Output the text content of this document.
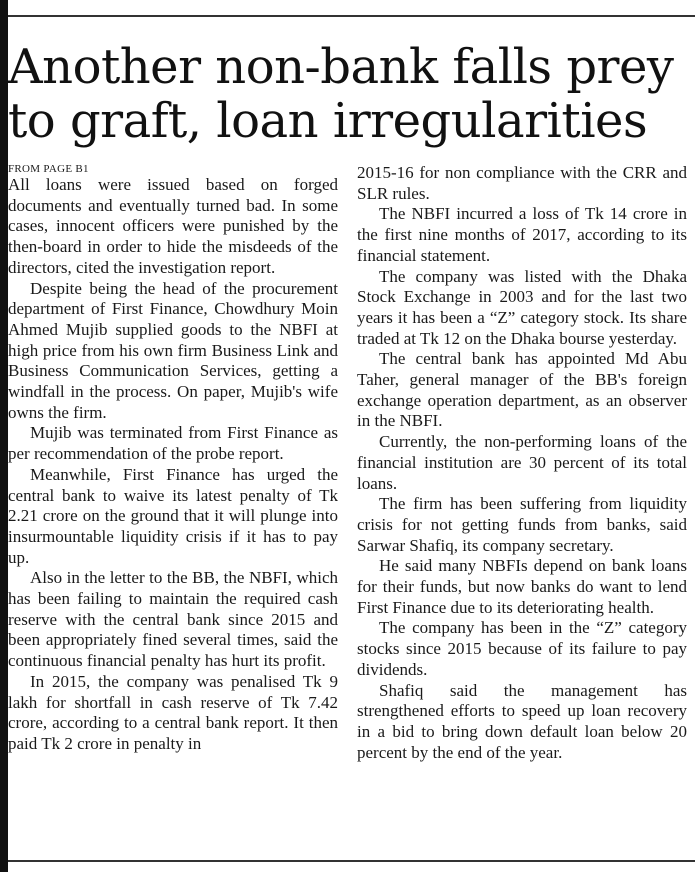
Another non-bank falls prey to graft, loan irregularities
FROM PAGE B1

All loans were issued based on forged documents and eventually turned bad. In some cases, innocent officers were punished by the then-board in order to hide the misdeeds of the directors, cited the investigation report.

Despite being the head of the procurement department of First Finance, Chowdhury Moin Ahmed Mujib supplied goods to the NBFI at high price from his own firm Business Link and Business Communication Services, getting a windfall in the process. On paper, Mujib's wife owns the firm.

Mujib was terminated from First Finance as per recommendation of the probe report.

Meanwhile, First Finance has urged the central bank to waive its latest penalty of Tk 2.21 crore on the ground that it will plunge into insurmountable liquidity crisis if it has to pay up.

Also in the letter to the BB, the NBFI, which has been failing to maintain the required cash reserve with the central bank since 2015 and been appropriately fined several times, said the continuous financial penalty has hurt its profit.

In 2015, the company was penalised Tk 9 lakh for shortfall in cash reserve of Tk 7.42 crore, according to a central bank report. It then paid Tk 2 crore in penalty in

2015-16 for non compliance with the CRR and SLR rules.

The NBFI incurred a loss of Tk 14 crore in the first nine months of 2017, according to its financial statement.

The company was listed with the Dhaka Stock Exchange in 2003 and for the last two years it has been a “Z” category stock. Its share traded at Tk 12 on the Dhaka bourse yesterday.

The central bank has appointed Md Abu Taher, general manager of the BB's foreign exchange operation department, as an observer in the NBFI.

Currently, the non-performing loans of the financial institution are 30 percent of its total loans.

The firm has been suffering from liquidity crisis for not getting funds from banks, said Sarwar Shafiq, its company secretary.

He said many NBFIs depend on bank loans for their funds, but now banks do want to lend First Finance due to its deteriorating health.

The company has been in the “Z” category stocks since 2015 because of its failure to pay dividends.

Shafiq said the management has strengthened efforts to speed up loan recovery in a bid to bring down default loan below 20 percent by the end of the year.
